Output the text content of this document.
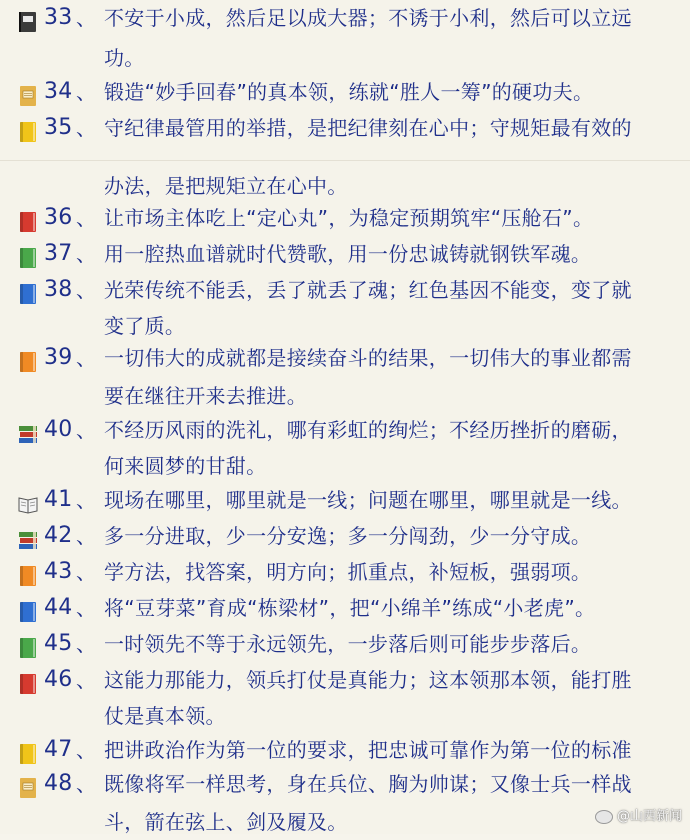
33 、 不安于小成，然后足以成大器；不诱于小利，然后可以立远
功。
34 、 锻造“妙手回春”的真本领，练就“胜人一筹”的硬功夫。
35 、 守纪律最管用的举措，是把纪律刻在心中；守规矩最有效的
办法，是把规矩立在心中。
36 、 让市场主体吃上“定心丸”，为稳定预期筑牢“压舱石”。
37 、 用一腔热血谱就时代赞歌，用一份忠诚铸就钢铁军魂。
38 、 光荣传统不能丢，丢了就丢了魂；红色基因不能变，变了就
变了质。
39 、 一切伟大的成就都是接续奋斗的结果，一切伟大的事业都需
要在继往开来去推进。
40 、 不经历风雨的洗礼，哪有彩虹的绚烂；不经历挫折的磨砺，
何来圆梦的甘甜。
41 、 现场在哪里，哪里就是一线；问题在哪里，哪里就是一线。
42 、 多一分进取，少一分安逸；多一分闯劲，少一分守成。
43 、 学方法，找答案，明方向；抓重点，补短板，强弱项。
44 、 将“豆芽菜”育成“栋梁材”，把“小绵羊”练成“小老虎”。
45 、 一时领先不等于永远领先，一步落后则可能步步落后。
46 、 这能力那能力，领兵打仗是真能力；这本领那本领，能打胜
仗是真本领。
47 、 把讲政治作为第一位的要求，把忠诚可靠作为第一位的标准
48 、 既像将军一样思考，身在兵位、胸为帅谋；又像士兵一样战
斗，箭在弦上、剑及履及。	@山西新闻
